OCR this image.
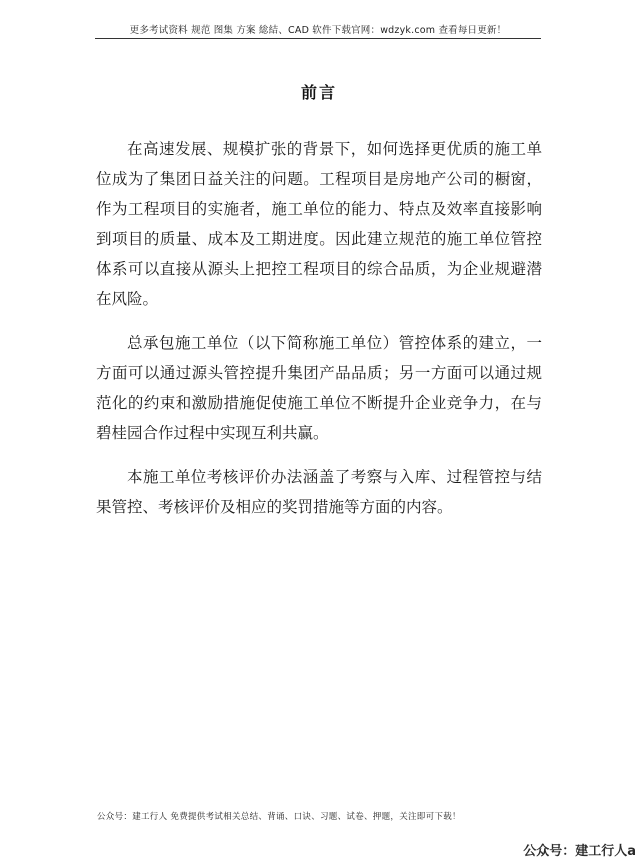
更多考试资料 规范 图集 方案 総結、CAD 软件下载官网：wdzyk.com 查看每日更新！
前言

在高速发展、规模扩张的背景下，如何选择更优质的施工单位成为了集团日益关注的问题。工程项目是房地产公司的橱窗，作为工程项目的实施者，施工单位的能力、特点及效率直接影响到项目的质量、成本及工期进度。因此建立规范的施工单位管控体系可以直接从源头上把控工程项目的综合品质，为企业规避潜在风险。

总承包施工单位（以下简称施工单位）管控体系的建立，一方面可以通过源头管控提升集团产品品质；另一方面可以通过规范化的约束和激励措施促使施工单位不断提升企业竞争力，在与碧桂园合作过程中实现互利共赢。

本施工单位考核评价办法涵盖了考察与入库、过程管控与结果管控、考核评价及相应的奖罚措施等方面的内容。

公众号：建工行人 免费提供考试相关总结、背诵、口诀、习题、试卷、押题，关注即可下载！
公众号：建工行人a
